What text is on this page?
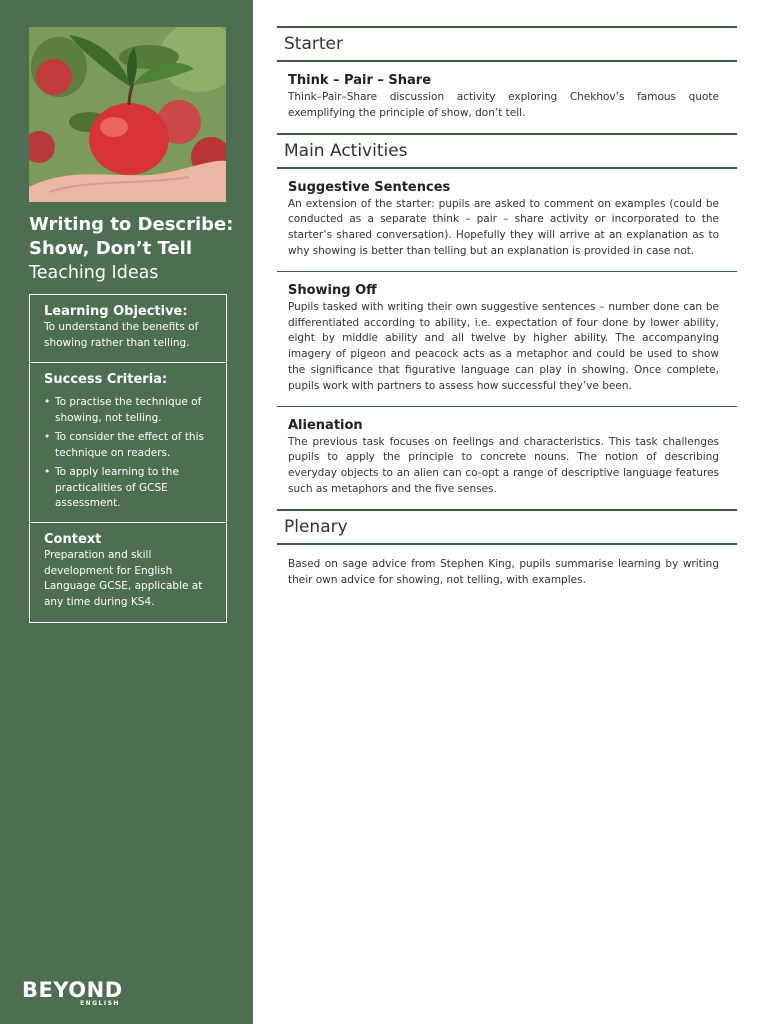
Writing to Describe:
Show, Don’t Tell
Teaching Ideas
Learning Objective:

To understand the benefits of showing rather than telling.

Success Criteria:
• To practise the technique of showing, not telling.
• To consider the effect of this technique on readers.
• To apply learning to the practicalities of GCSE assessment.
Context

Preparation and skill development for English Language GCSE, applicable at any time during KS4.

BEYOND
ENGLISH
Starter
Think – Pair – Share

Think–Pair–Share discussion activity exploring Chekhov’s famous quote exemplifying the principle of show, don’t tell.

Main Activities
Suggestive Sentences

An extension of the starter: pupils are asked to comment on examples (could be conducted as a separate think – pair – share activity or incorporated to the starter’s shared conversation). Hopefully they will arrive at an explanation as to why showing is better than telling but an explanation is provided in case not.

Showing Off

Pupils tasked with writing their own suggestive sentences – number done can be differentiated according to ability, i.e. expectation of four done by lower ability, eight by middle ability and all twelve by higher ability. The accompanying imagery of pigeon and peacock acts as a metaphor and could be used to show the significance that figurative language can play in showing. Once complete, pupils work with partners to assess how successful they’ve been.

Alienation

The previous task focuses on feelings and characteristics. This task challenges pupils to apply the principle to concrete nouns. The notion of describing everyday objects to an alien can co-opt a range of descriptive language features such as metaphors and the five senses.

Plenary

Based on sage advice from Stephen King, pupils summarise learning by writing their own advice for showing, not telling, with examples.
